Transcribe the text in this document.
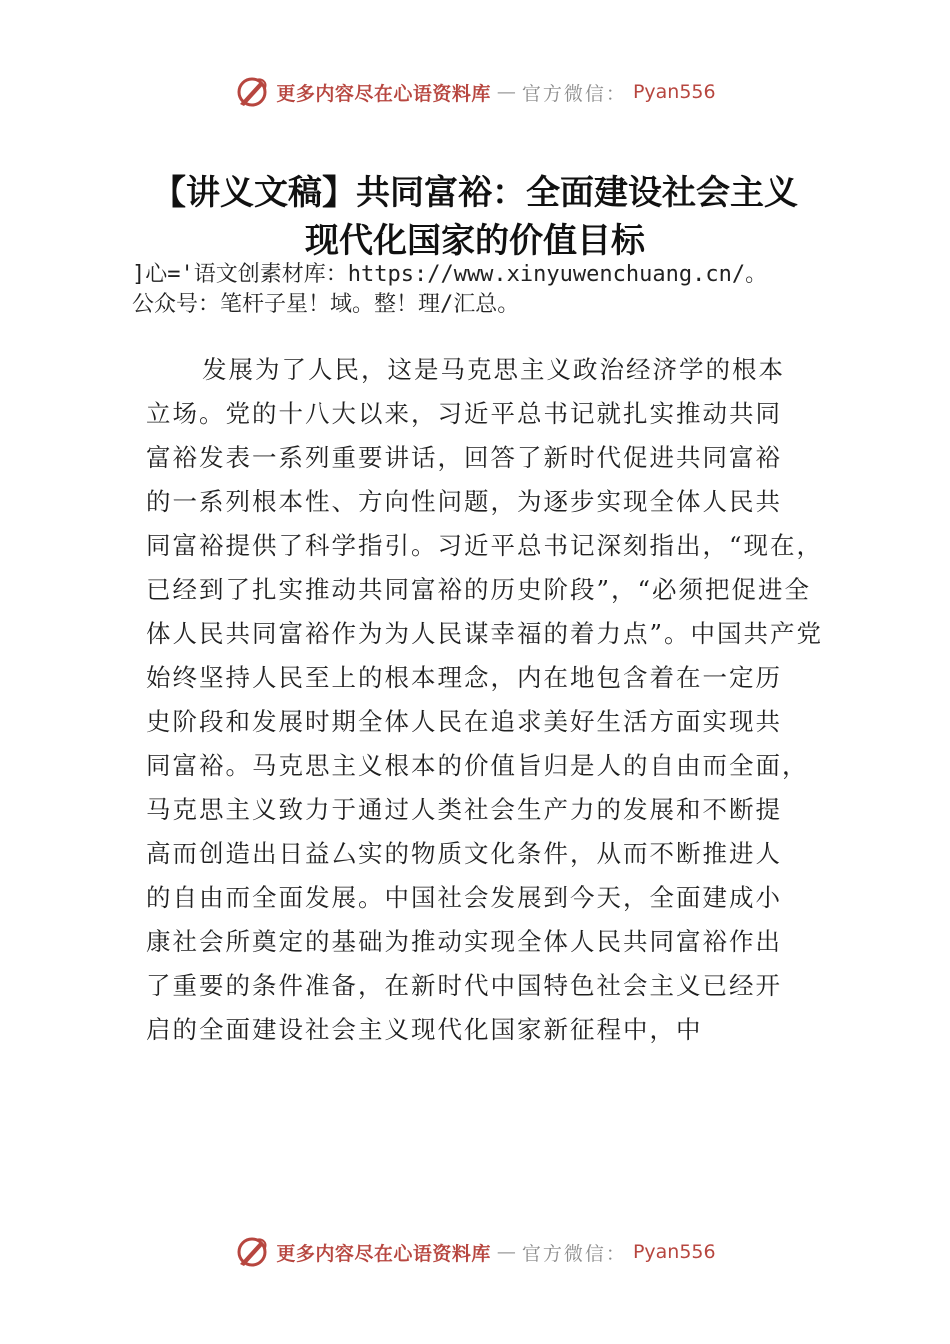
更多内容尽在心语资料库 — 官方微信： Pyan556
【讲义文稿】共同富裕：全面建设社会主义
现代化国家的价值目标
]心='语文创素材库：https://www.xinyuwenchuang.cn/。
公众号：笔杆子星！域。整！理/汇总。
发展为了人民，这是马克思主义政治经济学的根本
立场。党的十八大以来，习近平总书记就扎实推动共同
富裕发表一系列重要讲话，回答了新时代促进共同富裕
的一系列根本性、方向性问题，为逐步实现全体人民共
同富裕提供了科学指引。习近平总书记深刻指出，“现在，
已经到了扎实推动共同富裕的历史阶段”，“必须把促进全
体人民共同富裕作为为人民谋幸福的着力点”。中国共产党
始终坚持人民至上的根本理念，内在地包含着在一定历
史阶段和发展时期全体人民在追求美好生活方面实现共
同富裕。马克思主义根本的价值旨归是人的自由而全面，
马克思主义致力于通过人类社会生产力的发展和不断提
高而创造出日益厶实的物质文化条件，从而不断推进人
的自由而全面发展。中国社会发展到今天，全面建成小
康社会所奠定的基础为推动实现全体人民共同富裕作出
了重要的条件准备，在新时代中国特色社会主义已经开
启的全面建设社会主义现代化国家新征程中，中
更多内容尽在心语资料库 — 官方微信： Pyan556
